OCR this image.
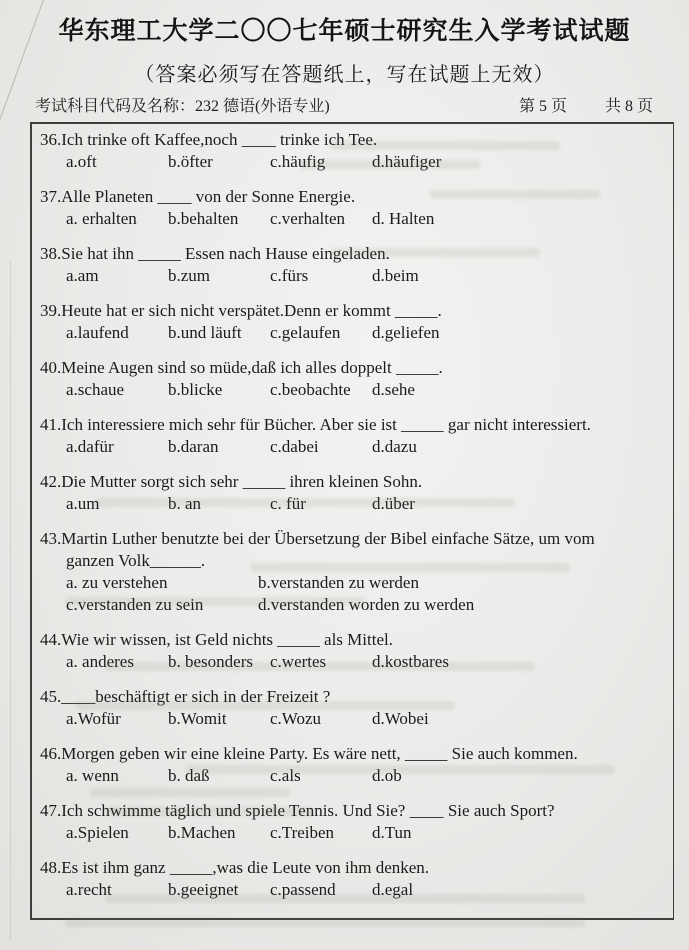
华东理工大学二〇〇七年硕士研究生入学考试试题
（答案必须写在答题纸上，写在试题上无效）
考试科目代码及名称：232 德语(外语专业)	第 5 页 共 8 页
36.Ich trinke oft Kaffee,noch ____ trinke ich Tee.
a.oft	b.öfter	c.häufig	d.häufiger
37.Alle Planeten ____ von der Sonne Energie.
a. erhalten b.behalten c.verhalten d. Halten
38.Sie hat ihn _____ Essen nach Hause eingeladen.
a.am	b.zum	c.fürs	d.beim
39.Heute hat er sich nicht verspätet.Denn er kommt _____.
a.laufend b.und läuft c.gelaufen d.geliefen
40.Meine Augen sind so müde,daß ich alles doppelt _____.
a.schaue	b.blicke	c.beobachte d.sehe
41.Ich interessiere mich sehr für Bücher. Aber sie ist _____ gar nicht interessiert.
a.dafür	b.daran	c.dabei	d.dazu
42.Die Mutter sorgt sich sehr _____ ihren kleinen Sohn.
a.um	b. an	c. für	d.über
43.Martin Luther benutzte bei der Übersetzung der Bibel einfache Sätze, um vom
ganzen Volk______.
a. zu verstehen	b.verstanden zu werden
c.verstanden zu sein	d.verstanden worden zu werden
44.Wie wir wissen, ist Geld nichts _____ als Mittel.
a. anderes b. besonders c.wertes	d.kostbares
45.____beschäftigt er sich in der Freizeit ?
a.Wofür	b.Womit	c.Wozu	d.Wobei
46.Morgen geben wir eine kleine Party. Es wäre nett, _____ Sie auch kommen.
a. wenn	b. daß	c.als	d.ob
47.Ich schwimme täglich und spiele Tennis. Und Sie? ____ Sie auch Sport?
a.Spielen b.Machen c.Treiben d.Tun
48.Es ist ihm ganz _____,was die Leute von ihm denken.
a.recht	b.geeignet c.passend d.egal
